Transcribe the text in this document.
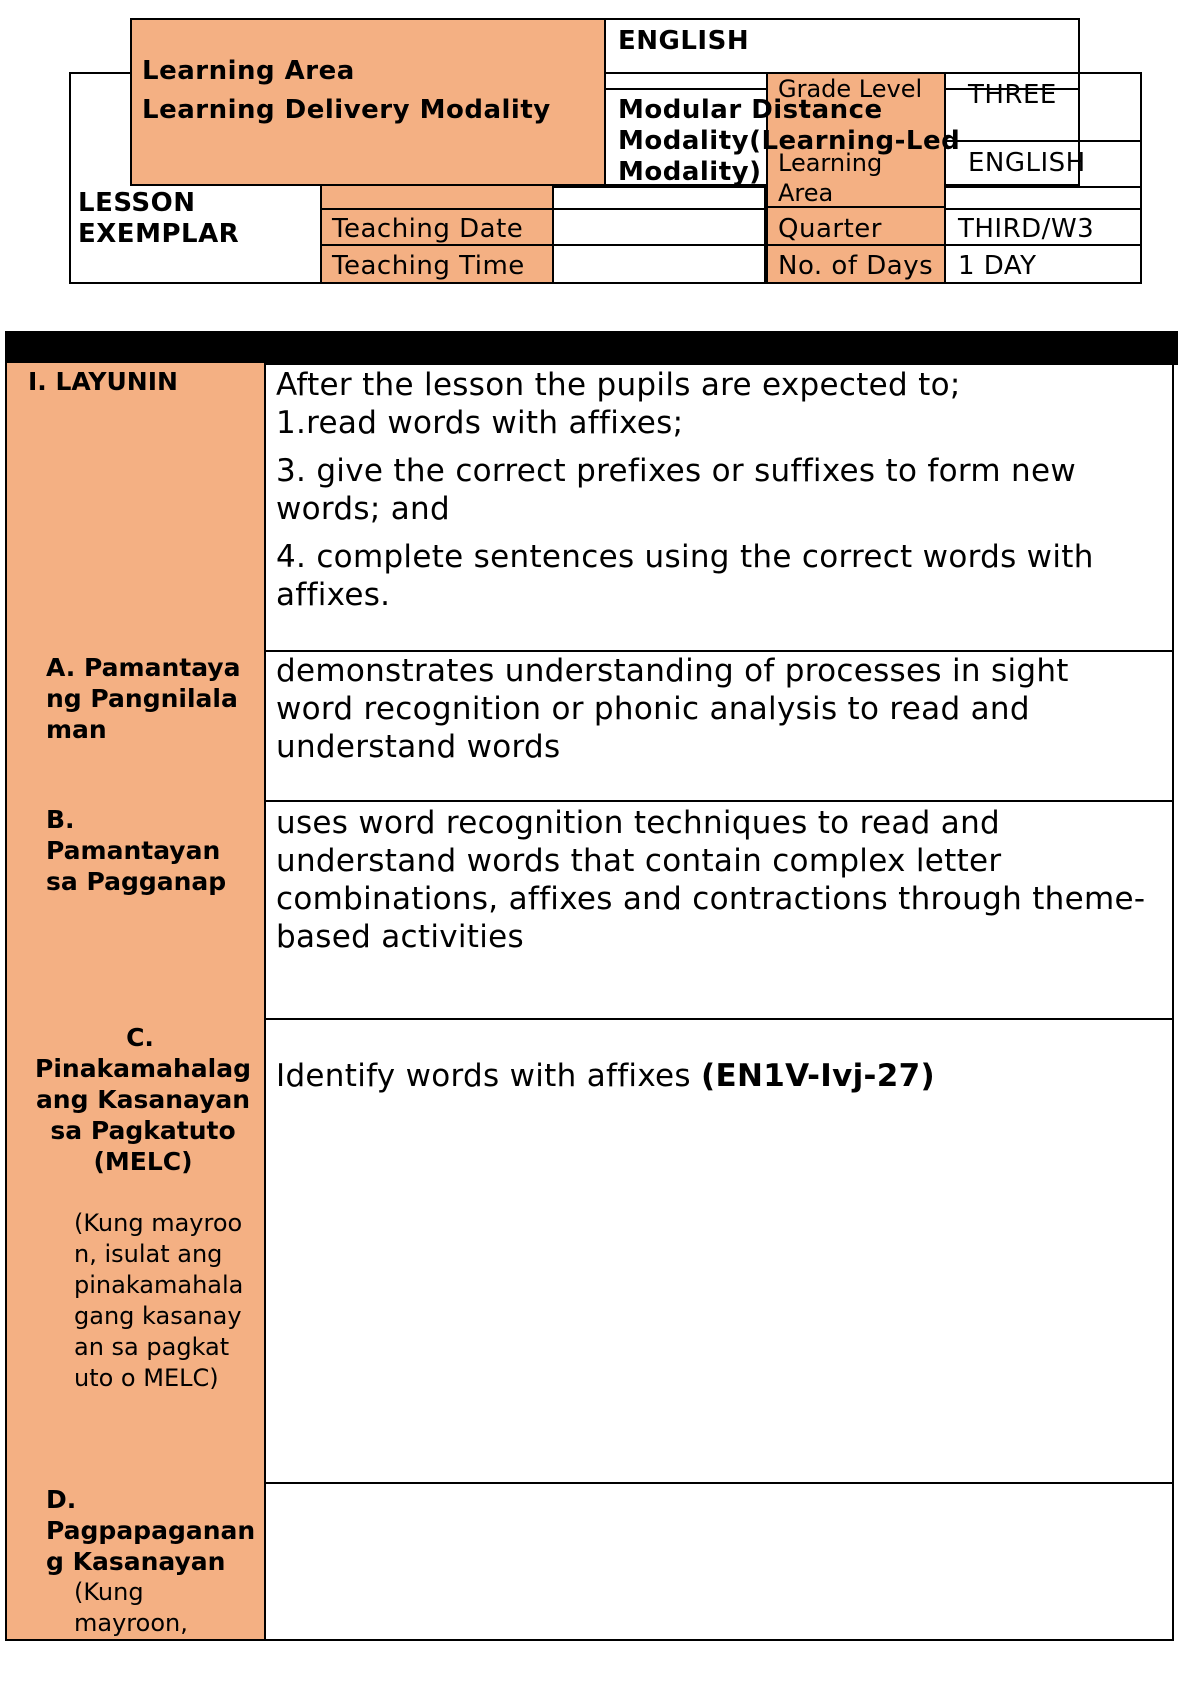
LESSON EXEMPLAR	Teaching Date
Teaching Time
Quarter
No. of Days
THIRD/W3
1 DAY
Learning Area
Learning Delivery Modality
ENGLISH
Grade Level THREE
Learning Area
ENGLISH
Modular Distance Modality(Learning-Led Modality)
I. LAYUNIN	After the lesson the pupils are expected to;

1.read words with affixes;

3. give the correct prefixes or suffixes to form new words; and

4. complete sentences using the correct words with affixes.

A. Pamantayang Pangnilalaman
demonstrates understanding of processes in sight word recognition or phonic analysis to read and understand words
B. Pamantayan sa Pagganap
uses word recognition techniques to read and understand words that contain complex letter combinations, affixes and contractions through theme-based activities
C.
Pinakamahalagang Kasanayan sa Pagkatuto (MELC)
(Kung mayroon, isulat ang pinakamahalagang kasanayan sa pagkatuto o MELC)
Identify words with affixes (EN1V-Ivj-27)
D.
Pagpapaganang Kasanayan
(Kung mayroon,
